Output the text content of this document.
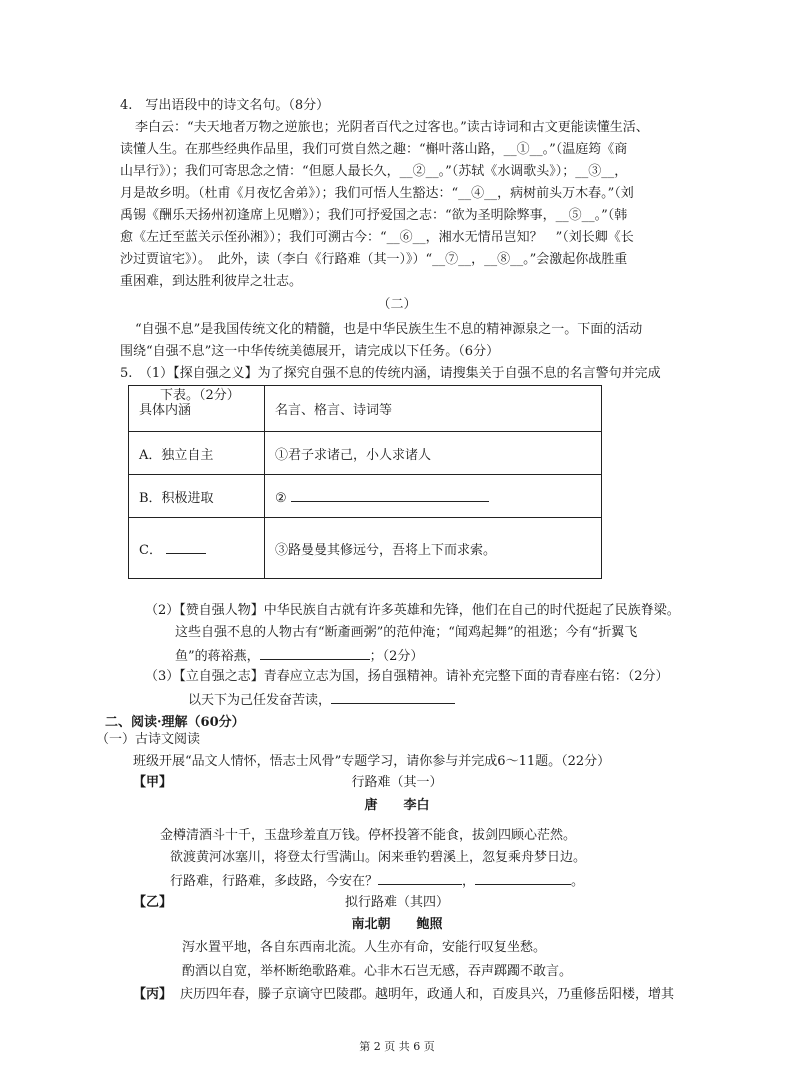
4.　写出语段中的诗文名句。（8分）
李白云：“夫天地者万物之逆旅也；光阴者百代之过客也。”读古诗词和古文更能读懂生活、
读懂人生。在那些经典作品里，我们可赏自然之趣：“槲叶落山路，__①__。”（温庭筠《商
山早行》）；我们可寄思念之情：“但愿人最长久，__②__。”（苏轼《水调歌头》）；__③__，
月是故乡明。（杜甫《月夜忆舍弟》）；我们可悟人生豁达：“__④__，病树前头万木春。”（刘
禹锡《酬乐天扬州初逢席上见赠》）；我们可抒爱国之志：“欲为圣明除弊事，__⑤__。”（韩
愈《左迁至蓝关示侄孙湘》）；我们可溯古今：“__⑥__，湘水无情吊岂知？　”（刘长卿《长
沙过贾谊宅》）。　此外，读（李白《行路难（其一）》）“__⑦__，__⑧__。”会激起你战胜重
重困难，到达胜利彼岸之壮志。
（二）
“自强不息”是我国传统文化的精髓，也是中华民族生生不息的精神源泉之一。下面的活动
围绕“自强不息”这一中华传统美德展开，请完成以下任务。（6分）
5.　（1）【探自强之义】为了探究自强不息的传统内涵，请搜集关于自强不息的名言警句并完成
下表。（2分）
具体内涵	名言、格言、诗词等
A．独立自主	①君子求诸己，小人求诸人
B．积极进取	②
C．	③路曼曼其修远兮，吾将上下而求索。
（2）【赞自强人物】中华民族自古就有许多英雄和先锋，他们在自己的时代挺起了民族脊梁。
这些自强不息的人物古有“断齑画粥”的范仲淹；“闻鸡起舞”的祖逖；今有“折翼飞
鱼”的蒋裕燕，	；（2分）
（3）【立自强之志】青春应立志为国，扬自强精神。请补充完整下面的青春座右铭：（2分）
以天下为己任发奋苦读，
二、阅读·理解（60分）
（一）古诗文阅读
班级开展“品文人情怀，悟志士风骨”专题学习，请你参与并完成6～11题。（22分）
【甲】	行路难（其一）
唐　　李白
金樽清酒斗十千，玉盘珍羞直万钱。停杯投箸不能食，拔剑四顾心茫然。
欲渡黄河冰塞川，将登太行雪满山。闲来垂钓碧溪上，忽复乘舟梦日边。
行路难，行路难，多歧路，今安在？	，	。
【乙】	拟行路难（其四）
南北朝　　鲍照
泻水置平地，各自东西南北流。人生亦有命，安能行叹复坐愁。
酌酒以自宽，举杯断绝歌路难。心非木石岂无感，吞声踯躅不敢言。
【丙】 庆历四年春，滕子京谪守巴陵郡。越明年，政通人和，百废具兴，乃重修岳阳楼，增其
第 2 页 共 6 页
